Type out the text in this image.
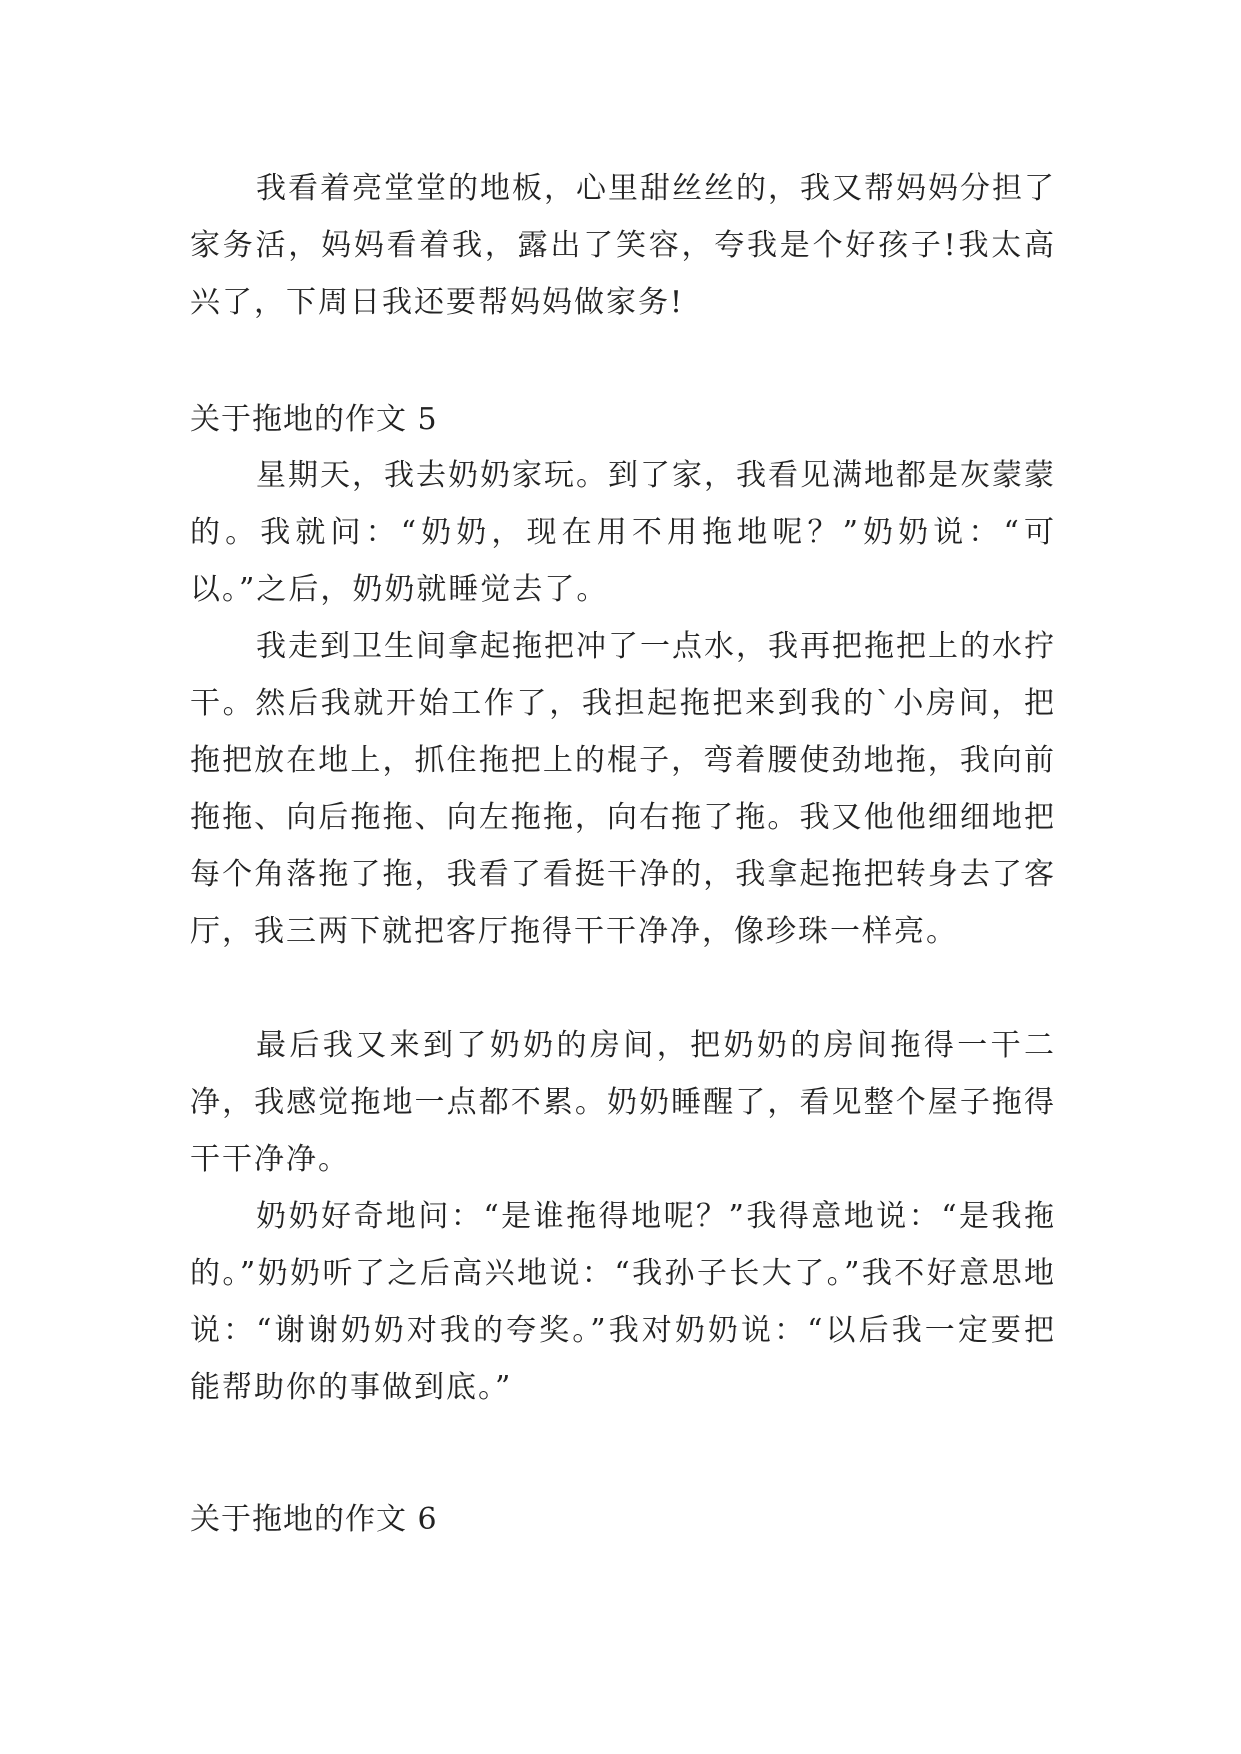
我看着亮堂堂的地板，心里甜丝丝的，我又帮妈妈分担了家务活，妈妈看着我，露出了笑容，夸我是个好孩子!我太高兴了，下周日我还要帮妈妈做家务!

关于拖地的作文 5

星期天，我去奶奶家玩。到了家，我看见满地都是灰蒙蒙的。我就问：“奶奶，现在用不用拖地呢？”奶奶说：“可以。”之后，奶奶就睡觉去了。

我走到卫生间拿起拖把冲了一点水，我再把拖把上的水拧干。然后我就开始工作了，我担起拖把来到我的`小房间，把拖把放在地上，抓住拖把上的棍子，弯着腰使劲地拖，我向前拖拖、向后拖拖、向左拖拖，向右拖了拖。我又他他细细地把每个角落拖了拖，我看了看挺干净的，我拿起拖把转身去了客厅，我三两下就把客厅拖得干干净净，像珍珠一样亮。

最后我又来到了奶奶的房间，把奶奶的房间拖得一干二净，我感觉拖地一点都不累。奶奶睡醒了，看见整个屋子拖得干干净净。

奶奶好奇地问：“是谁拖得地呢？”我得意地说：“是我拖的。”奶奶听了之后高兴地说：“我孙子长大了。”我不好意思地说：“谢谢奶奶对我的夸奖。”我对奶奶说：“以后我一定要把能帮助你的事做到底。”

关于拖地的作文 6
